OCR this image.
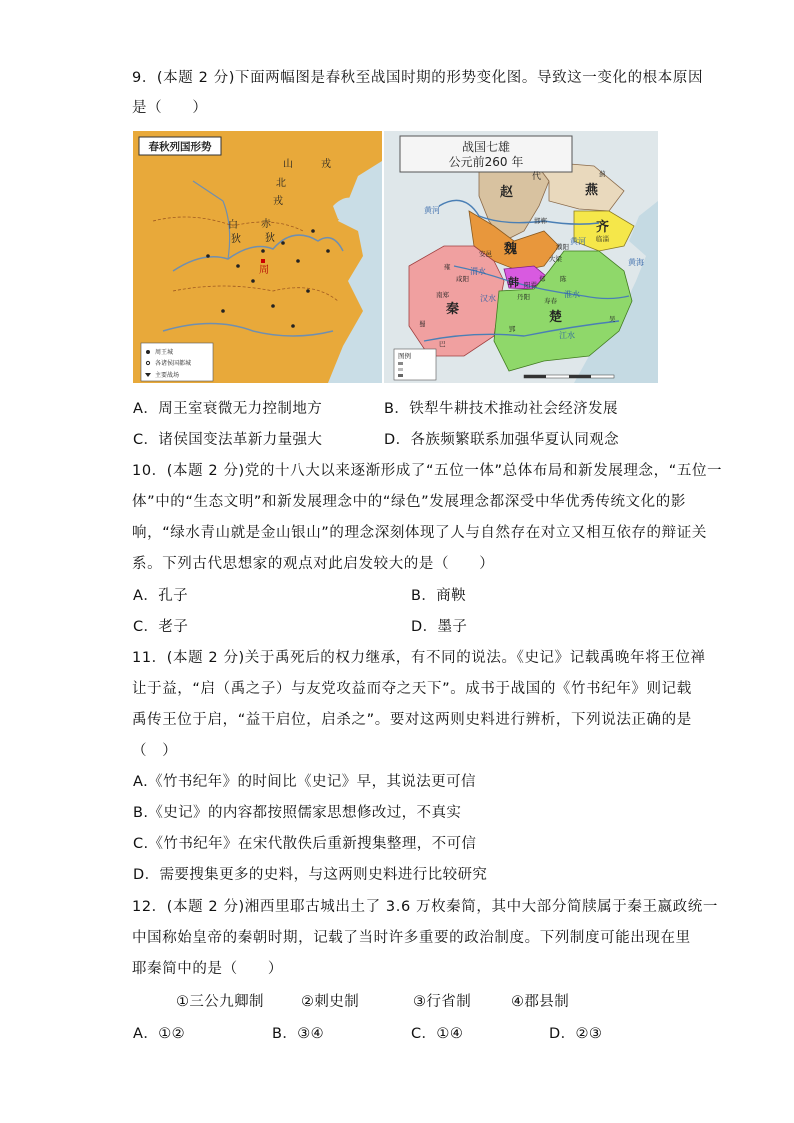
9．(本题 2 分)下面两幅图是春秋至战国时期的形势变化图。导致这一变化的根本原因
是（　　）
春秋列国形势
山	戎
北
戎
白
狄
赤
狄
周
周王城
各诸侯国都城
主要战场
战国七雄
公元前260 年
燕
赵
齐
魏
韩
秦
楚
代
邯郸
临淄
大梁
郑
安邑
咸阳
南郑	丹阳 寿春
郢
蜀
巴
吴
阳翟
濮阳
陈
雍
蓟
黄河
黄河
汉水	淮水
江水
渭水
黄海
图例
A．周王室衰微无力控制地方	B．铁犁牛耕技术推动社会经济发展
C．诸侯国变法革新力量强大	D．各族频繁联系加强华夏认同观念
10．(本题 2 分)党的十八大以来逐渐形成了“五位一体”总体布局和新发展理念，“五位一
体”中的“生态文明”和新发展理念中的“绿色”发展理念都深受中华优秀传统文化的影
响，“绿水青山就是金山银山”的理念深刻体现了人与自然存在对立又相互依存的辩证关
系。下列古代思想家的观点对此启发较大的是（　　）
A．孔子	B．商鞅
C．老子	D．墨子
11．(本题 2 分)关于禹死后的权力继承，有不同的说法。《史记》记载禹晚年将王位禅
让于益，“启（禹之子）与友党攻益而夺之天下”。成书于战国的《竹书纪年》则记载
禹传王位于启，“益干启位，启杀之”。要对这两则史料进行辨析，下列说法正确的是
（　）
A.《竹书纪年》的时间比《史记》早，其说法更可信
B.《史记》的内容都按照儒家思想修改过，不真实
C.《竹书纪年》在宋代散佚后重新搜集整理，不可信
D．需要搜集更多的史料，与这两则史料进行比较研究
12．(本题 2 分)湘西里耶古城出土了 3.6 万枚秦简，其中大部分简牍属于秦王嬴政统一
中国称始皇帝的秦朝时期，记载了当时许多重要的政治制度。下列制度可能出现在里
耶秦简中的是（　　）
①三公九卿制	②刺史制	③行省制	④郡县制
A．①②	B．③④	C．①④	D．②③
